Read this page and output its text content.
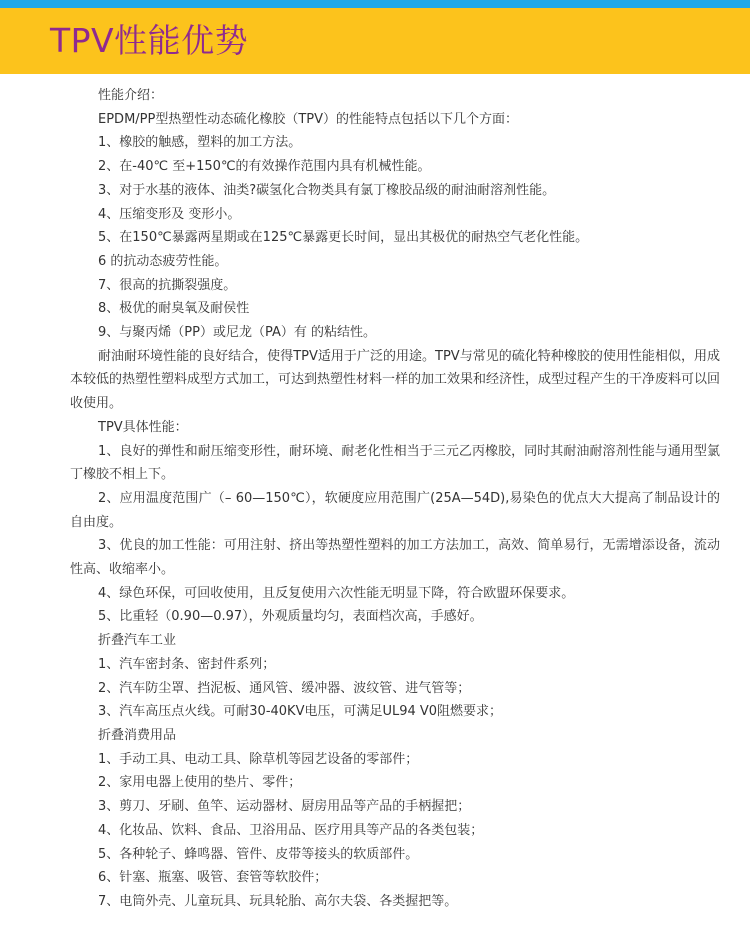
TPV性能优势
性能介绍：
EPDM/PP型热塑性动态硫化橡胶（TPV）的性能特点包括以下几个方面：
1、橡胶的触感，塑料的加工方法。
2、在-40℃ 至+150℃的有效操作范围内具有机械性能。
3、对于水基的液体、油类?碳氢化合物类具有氯丁橡胶品级的耐油耐溶剂性能。
4、压缩变形及 变形小。
5、在150℃暴露两星期或在125℃暴露更长时间，显出其极优的耐热空气老化性能。
6 的抗动态疲劳性能。
7、很高的抗撕裂强度。
8、极优的耐臭氧及耐侯性
9、与聚丙烯（PP）或尼龙（PA）有 的粘结性。
耐油耐环境性能的良好结合，使得TPV适用于广泛的用途。TPV与常见的硫化特种橡胶的使用性能相似，用成本较低的热塑性塑料成型方式加工，可达到热塑性材料一样的加工效果和经济性，成型过程产生的干净废料可以回收使用。
TPV具体性能：
1、良好的弹性和耐压缩变形性，耐环境、耐老化性相当于三元乙丙橡胶，同时其耐油耐溶剂性能与通用型氯丁橡胶不相上下。
2、应用温度范围广（– 60—150℃），软硬度应用范围广(25A—54D),易染色的优点大大提高了制品设计的自由度。
3、优良的加工性能：可用注射、挤出等热塑性塑料的加工方法加工，高效、简单易行，无需增添设备，流动性高、收缩率小。
4、绿色环保，可回收使用，且反复使用六次性能无明显下降，符合欧盟环保要求。
5、比重轻（0.90—0.97），外观质量均匀，表面档次高，手感好。
折叠汽车工业
1、汽车密封条、密封件系列；
2、汽车防尘罩、挡泥板、通风管、缓冲器、波纹管、进气管等；
3、汽车高压点火线。可耐30-40KV电压，可满足UL94 V0阻燃要求；
折叠消费用品
1、手动工具、电动工具、除草机等园艺设备的零部件；
2、家用电器上使用的垫片、零件；
3、剪刀、牙刷、鱼竿、运动器材、厨房用品等产品的手柄握把；
4、化妆品、饮料、食品、卫浴用品、医疗用具等产品的各类包装；
5、各种轮子、蜂鸣器、管件、皮带等接头的软质部件。
6、针塞、瓶塞、吸管、套管等软胶件；
7、电筒外壳、儿童玩具、玩具轮胎、高尔夫袋、各类握把等。
